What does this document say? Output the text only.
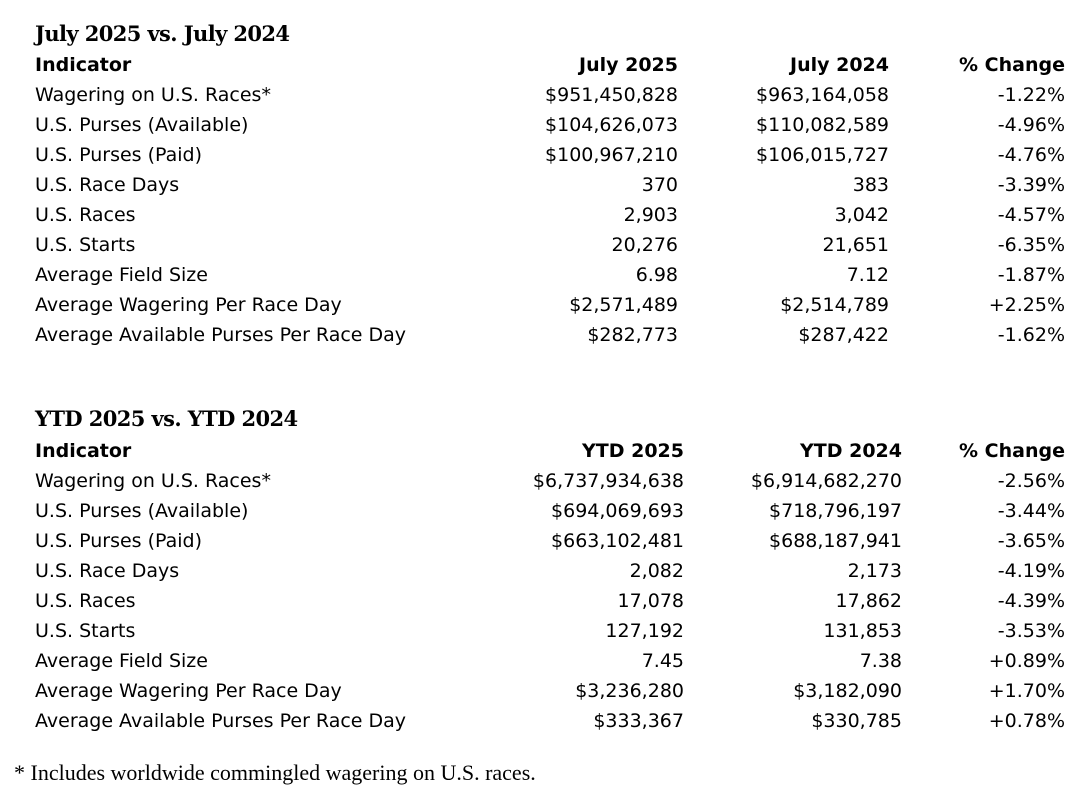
July 2025 vs. July 2024
Indicator	July 2025	July 2024	% Change
Wagering on U.S. Races*	$951,450,828	$963,164,058	-1.22%
U.S. Purses (Available)	$104,626,073	$110,082,589	-4.96%
U.S. Purses (Paid)	$100,967,210	$106,015,727	-4.76%
U.S. Race Days	370	383	-3.39%
U.S. Races	2,903	3,042	-4.57%
U.S. Starts	20,276	21,651	-6.35%
Average Field Size	6.98	7.12	-1.87%
Average Wagering Per Race Day	$2,571,489	$2,514,789	+2.25%
Average Available Purses Per Race Day	$282,773	$287,422	-1.62%
YTD 2025 vs. YTD 2024
Indicator	YTD 2025	YTD 2024	% Change
Wagering on U.S. Races*	$6,737,934,638	$6,914,682,270	-2.56%
U.S. Purses (Available)	$694,069,693	$718,796,197	-3.44%
U.S. Purses (Paid)	$663,102,481	$688,187,941	-3.65%
U.S. Race Days	2,082	2,173	-4.19%
U.S. Races	17,078	17,862	-4.39%
U.S. Starts	127,192	131,853	-3.53%
Average Field Size	7.45	7.38	+0.89%
Average Wagering Per Race Day	$3,236,280	$3,182,090	+1.70%
Average Available Purses Per Race Day	$333,367	$330,785	+0.78%
* Includes worldwide commingled wagering on U.S. races.
